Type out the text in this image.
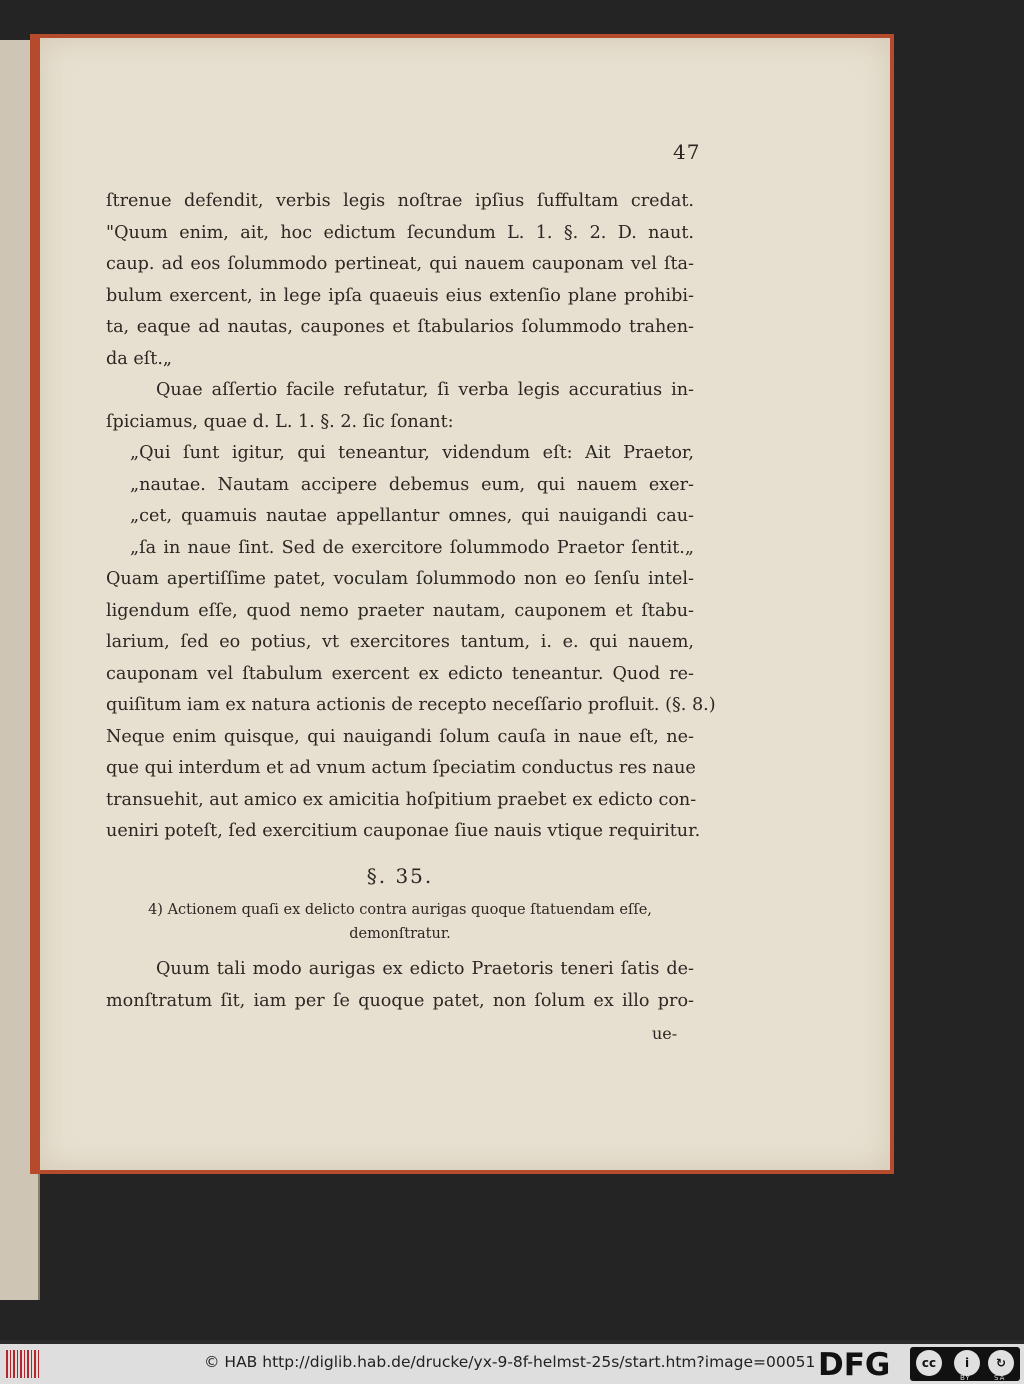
47
ſtrenue defendit, verbis legis noſtrae ipſius ſuffultam credat.
"Quum enim, ait, hoc edictum ſecundum L. 1. §. 2. D. naut.
caup. ad eos ſolummodo pertineat, qui nauem cauponam vel ſta-
bulum exercent, in lege ipſa quaeuis eius extenſio plane prohibi-
ta, eaque ad nautas, caupones et ſtabularios ſolummodo trahen-
da eſt.„
Quae aſſertio facile refutatur, ſi verba legis accuratius in-
ſpiciamus, quae d. L. 1. §. 2. ſic ſonant:
„Qui ſunt igitur, qui teneantur, videndum eſt: Ait Praetor,
„nautae. Nautam accipere debemus eum, qui nauem exer-
„cet, quamuis nautae appellantur omnes, qui nauigandi cau-
„ſa in naue ſint. Sed de exercitore ſolummodo Praetor ſentit.„
Quam apertiſſime patet, voculam ſolummodo non eo ſenſu intel-
ligendum eſſe, quod nemo praeter nautam, cauponem et ſtabu-
larium, ſed eo potius, vt exercitores tantum, i. e. qui nauem,
cauponam vel ſtabulum exercent ex edicto teneantur. Quod re-
quiſitum iam ex natura actionis de recepto neceſſario profluit. (§. 8.)
Neque enim quisque, qui nauigandi ſolum cauſa in naue eſt, ne-
que qui interdum et ad vnum actum ſpeciatim conductus res naue
transuehit, aut amico ex amicitia hoſpitium praebet ex edicto con-
ueniri poteſt, ſed exercitium cauponae ſiue nauis vtique requiritur.
§. 35.
4) Actionem quaſi ex delicto contra aurigas quoque ſtatuendam eſſe,
demonſtratur.
Quum tali modo aurigas ex edicto Praetoris teneri ſatis de-
monſtratum ſit, iam per ſe quoque patet, non ſolum ex illo pro-
ue-
© HAB http://diglib.hab.de/drucke/yx-9-8f-helmst-25s/start.htm?image=00051 DFG	cc	i	↻
BY	SA
